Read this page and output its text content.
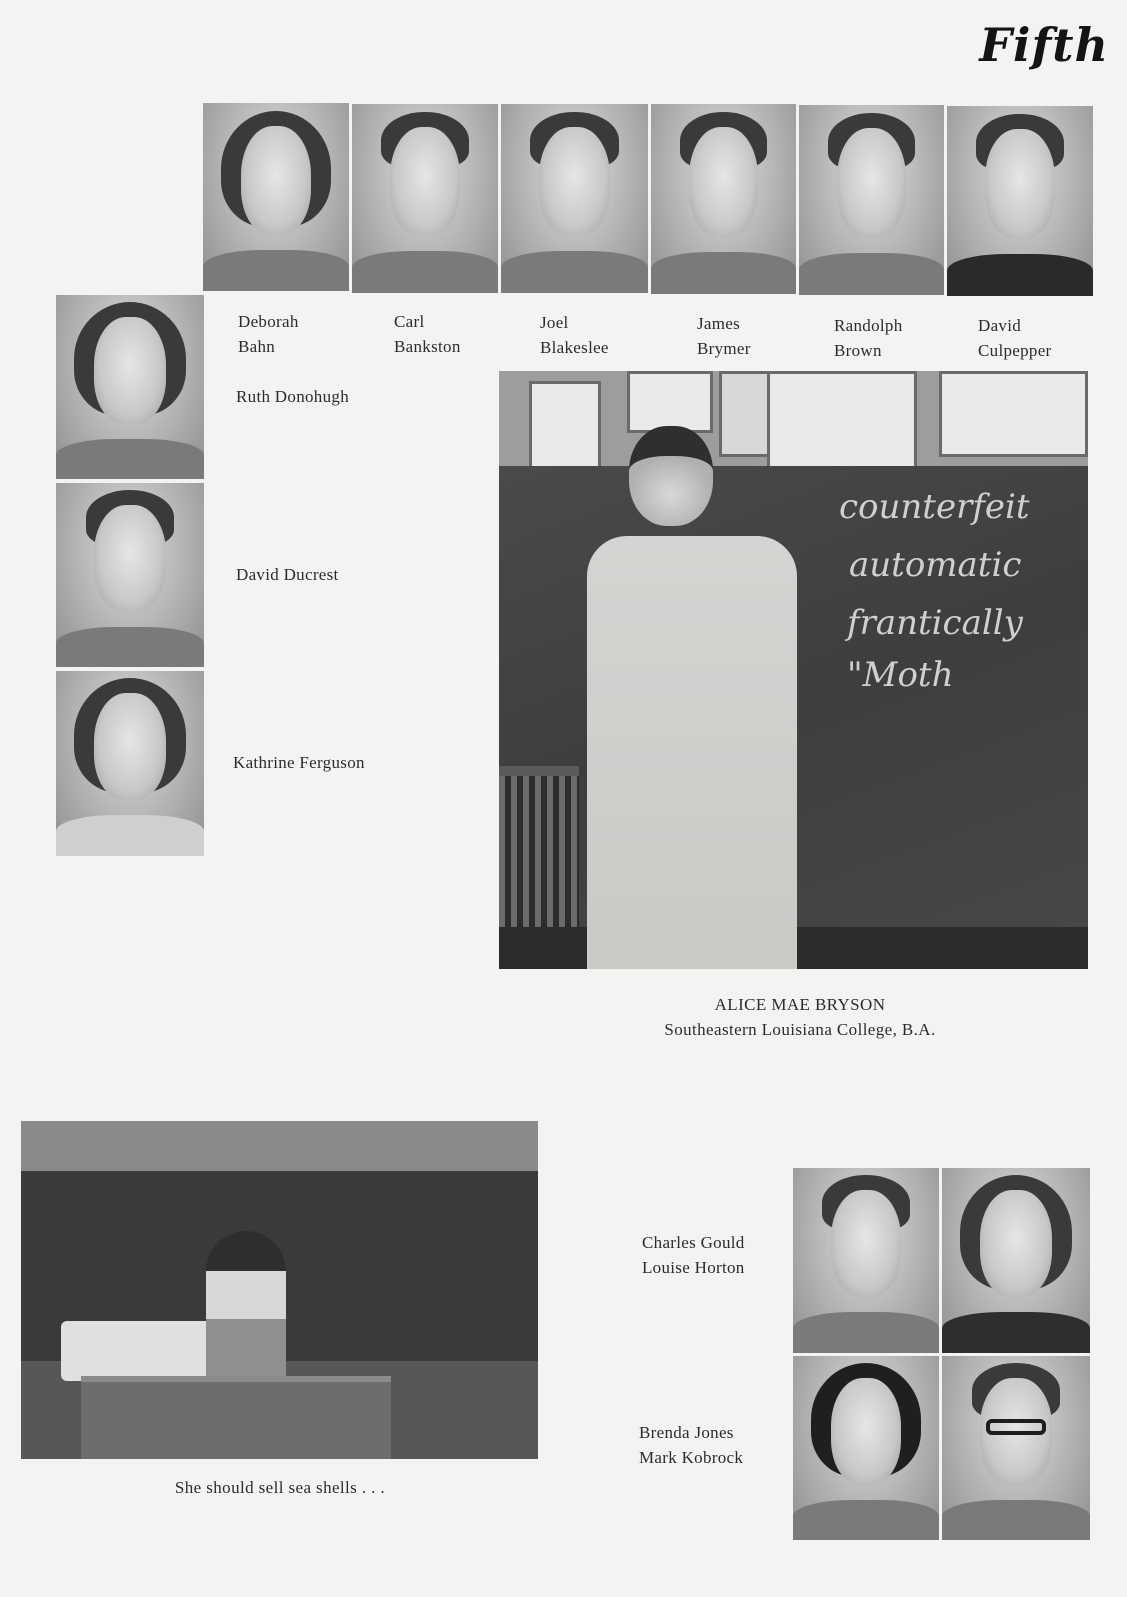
Fifth
Deborah
Bahn
Carl
Bankston
Joel
Blakeslee
James
Brymer
Randolph
Brown
David
Culpepper
Ruth Donohugh
David Ducrest
Kathrine Ferguson
counterfeit
automatic
frantically "Moth
ALICE MAE BRYSON
Southeastern Louisiana College, B.A.
She should sell sea shells . . .
Charles Gould
Louise Horton
Brenda Jones
Mark Kobrock
